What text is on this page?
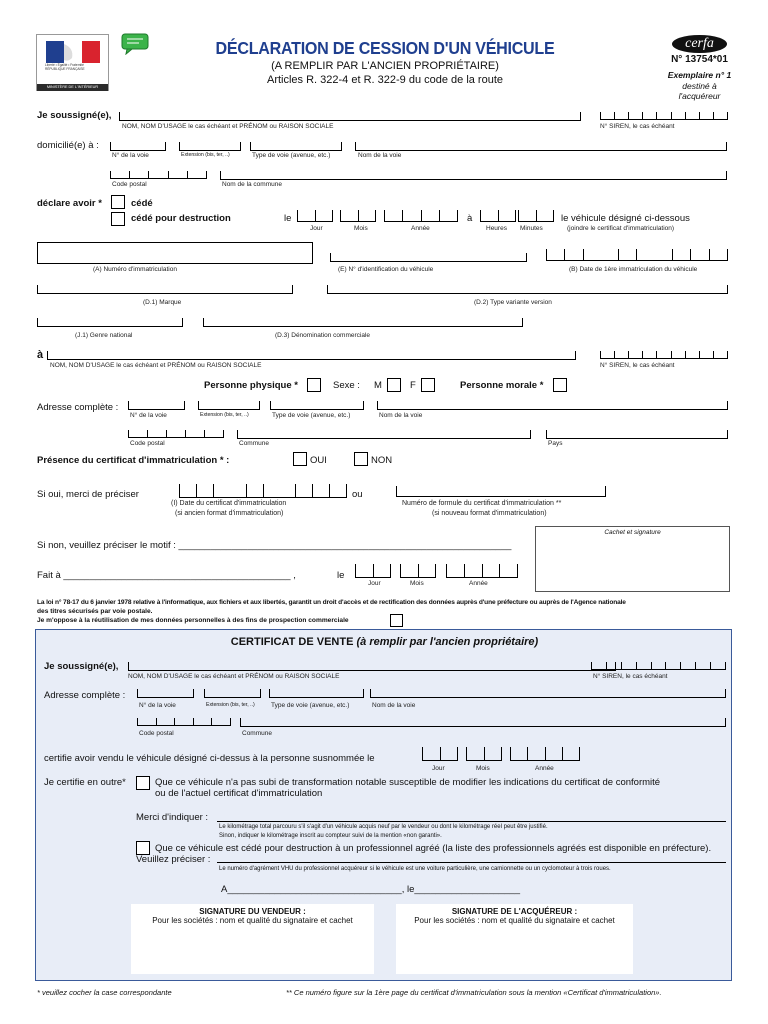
Liberté • Égalité • Fraternité RÉPUBLIQUE FRANÇAISE
MINISTÈRE DE L'INTÉRIEUR
DÉCLARATION DE CESSION D'UN VÉHICULE
(A REMPLIR PAR L'ANCIEN PROPRIÉTAIRE)
Articles R. 322-4 et R. 322-9 du code de la route
cerfa
N° 13754*01
Exemplaire n° 1
destiné à
l'acquéreur
Je soussigné(e),
NOM, NOM D'USAGE le cas échéant et PRÉNOM ou RAISON SOCIALE	N° SIREN, le cas échéant
domicilié(e) à :
N° de la voie	Extension (bis, ter, ..)	Type de voie (avenue, etc.)	Nom de la voie
Code postal	Nom de la commune
déclare avoir *	cédé
cédé pour destruction	le	à	le véhicule désigné ci-dessous
Jour	Mois	Année	Heures Minutes	(joindre le certificat d'immatriculation)
(A) Numéro d'immatriculation	(E) N° d'identification du véhicule	(B) Date de 1ère immatriculation du véhicule
(D.1) Marque	(D.2) Type variante version
(J.1) Genre national	(D.3) Dénomination commerciale
à
NOM, NOM D'USAGE le cas échéant et PRÉNOM ou RAISON SOCIALE	N° SIREN, le cas échéant
Personne physique *	Sexe : M	F	Personne morale *
Adresse complète :
N° de la voie	Extension (bis, ter, ..)	Type de voie (avenue, etc.)	Nom de la voie
Code postal	Commune	Pays
Présence du certificat d'immatriculation * :	OUI	NON
Si oui, merci de préciser
(I) Date du certificat d'immatriculation
(si ancien format d'immatriculation)
ou
Numéro de formule du certificat d'immatriculation **
(si nouveau format d'immatriculation)
Si non, veuillez préciser le motif : _______________________________________________________________
Cachet et signature
Fait à ___________________________________________ ,	le
Jour	Mois	Année
La loi n° 78-17 du 6 janvier 1978 relative à l'informatique, aux fichiers et aux libertés, garantit un droit d'accès et de rectification des données auprès d'une préfecture ou auprès de l'Agence nationale
des titres sécurisés par voie postale.
Je m'oppose à la réutilisation de mes données personnelles à des fins de prospection commerciale
CERTIFICAT DE VENTE (à remplir par l'ancien propriétaire)
Je soussigné(e),
NOM, NOM D'USAGE le cas échéant et PRÉNOM ou RAISON SOCIALE	N° SIREN, le cas échéant
Adresse complète :
N° de la voie	Extension (bis, ter, ..)	Type de voie (avenue, etc.)	Nom de la voie
Code postal	Commune
certifie avoir vendu le véhicule désigné ci-dessus à la personne susnommée le
Jour	Mois	Année
Je certifie en outre*	Que ce véhicule n'a pas subi de transformation notable susceptible de modifier les indications du certificat de conformité
ou de l'actuel certificat d'immatriculation
Merci d'indiquer :
Le kilométrage total parcouru s'il s'agit d'un véhicule acquis neuf par le vendeur ou dont le kilométrage réel peut être justifié.
Sinon, indiquer le kilométrage inscrit au compteur suivi de la mention «non garanti».
Que ce véhicule est cédé pour destruction à un professionnel agréé (la liste des professionnels agréés est disponible en préfecture).
Veuillez préciser :
Le numéro d'agrément VHU du professionnel acquéreur si le véhicule est une voiture particulière, une camionnette ou un cyclomoteur à trois roues.
A_________________________________, le____________________
SIGNATURE DU VENDEUR :
Pour les sociétés : nom et qualité du signataire et cachet
SIGNATURE DE L'ACQUÉREUR :
Pour les sociétés : nom et qualité du signataire et cachet
* veuillez cocher la case correspondante	** Ce numéro figure sur la 1ère page du certificat d'immatriculation sous la mention «Certificat d'immatriculation».
